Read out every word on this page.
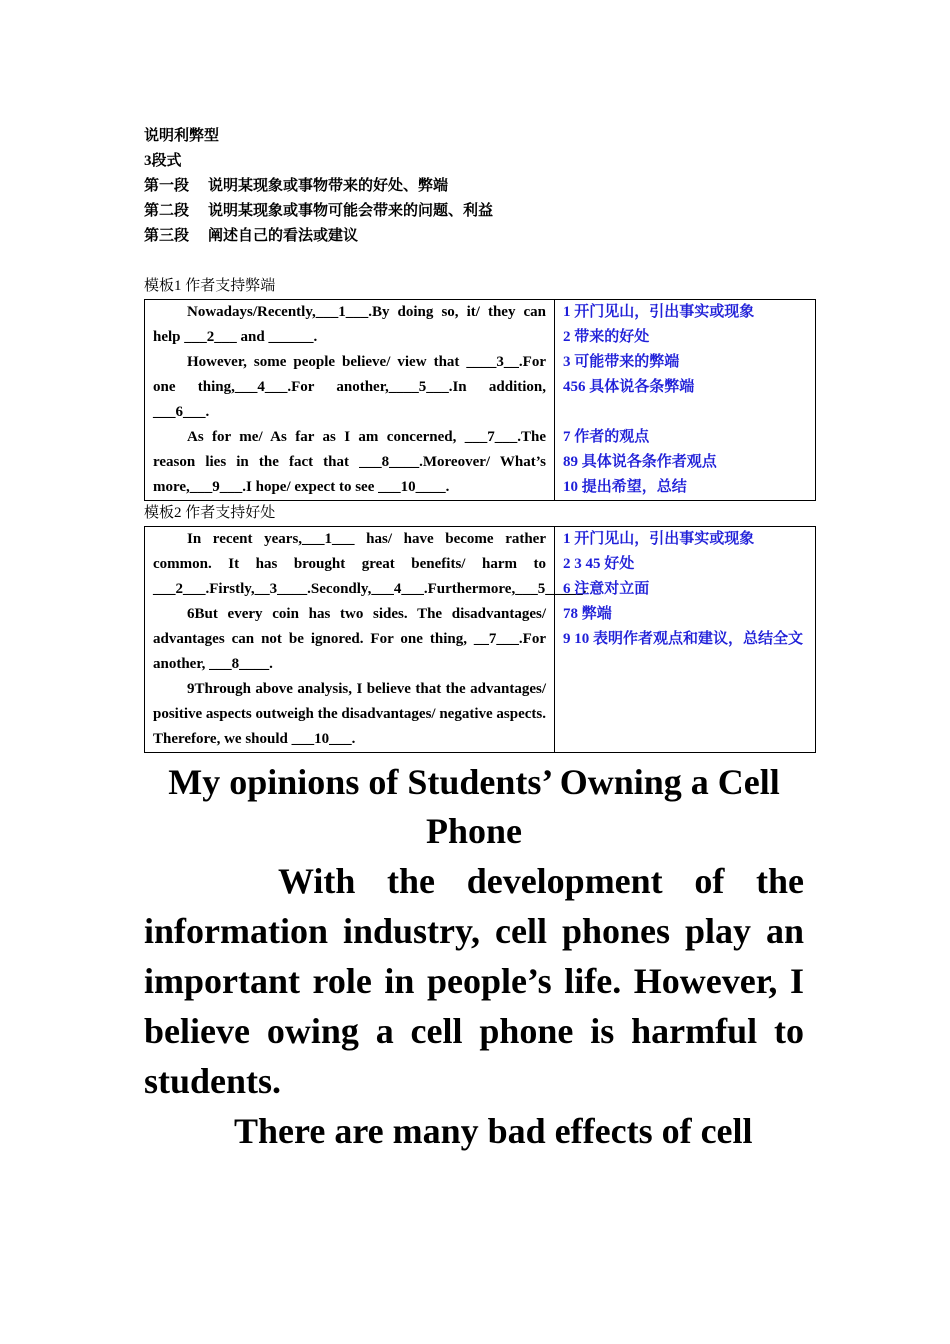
说明利弊型

3段式

第一段 说明某现象或事物带来的好处、弊端

第二段 说明某现象或事物可能会带来的问题、利益

第三段 阐述自己的看法或建议

模板1 作者支持弊端

Nowadays/Recently,___1___.By doing so, it/ they can help ___2___ and ______.

However, some people believe/ view that ____3__.For one thing,___4___.For another,____5___.In addition, ___6___.

As for me/ As far as I am concerned, ___7___.The reason lies in the fact that ___8____.Moreover/ What’s more,___9___.I hope/ expect to see ___10____.

1 开门见山，引出事实或现象

2 带来的好处

3 可能带来的弊端

456 具体说各条弊端

7 作者的观点

89 具体说各条作者观点

10 提出希望，总结

模板2 作者支持好处

In recent years,___1___ has/ have become rather common. It has brought great benefits/ harm to ___2___.Firstly,__3____.Secondly,___4___.Furthermore,___5_____.

6But every coin has two sides. The disadvantages/ advantages can not be ignored. For one thing, __7___.For another, ___8____.

9Through above analysis, I believe that the advantages/ positive aspects outweigh the disadvantages/ negative aspects. Therefore, we should ___10___.

1 开门见山，引出事实或现象

2 3 45 好处

6 注意对立面

78 弊端

9 10 表明作者观点和建议，总结全文

My opinions of Students’ Owning a Cell Phone

With the development of the information industry, cell phones play an important role in people’s life. However, I believe owing a cell phone is harmful to students.

There are many bad effects of cell
